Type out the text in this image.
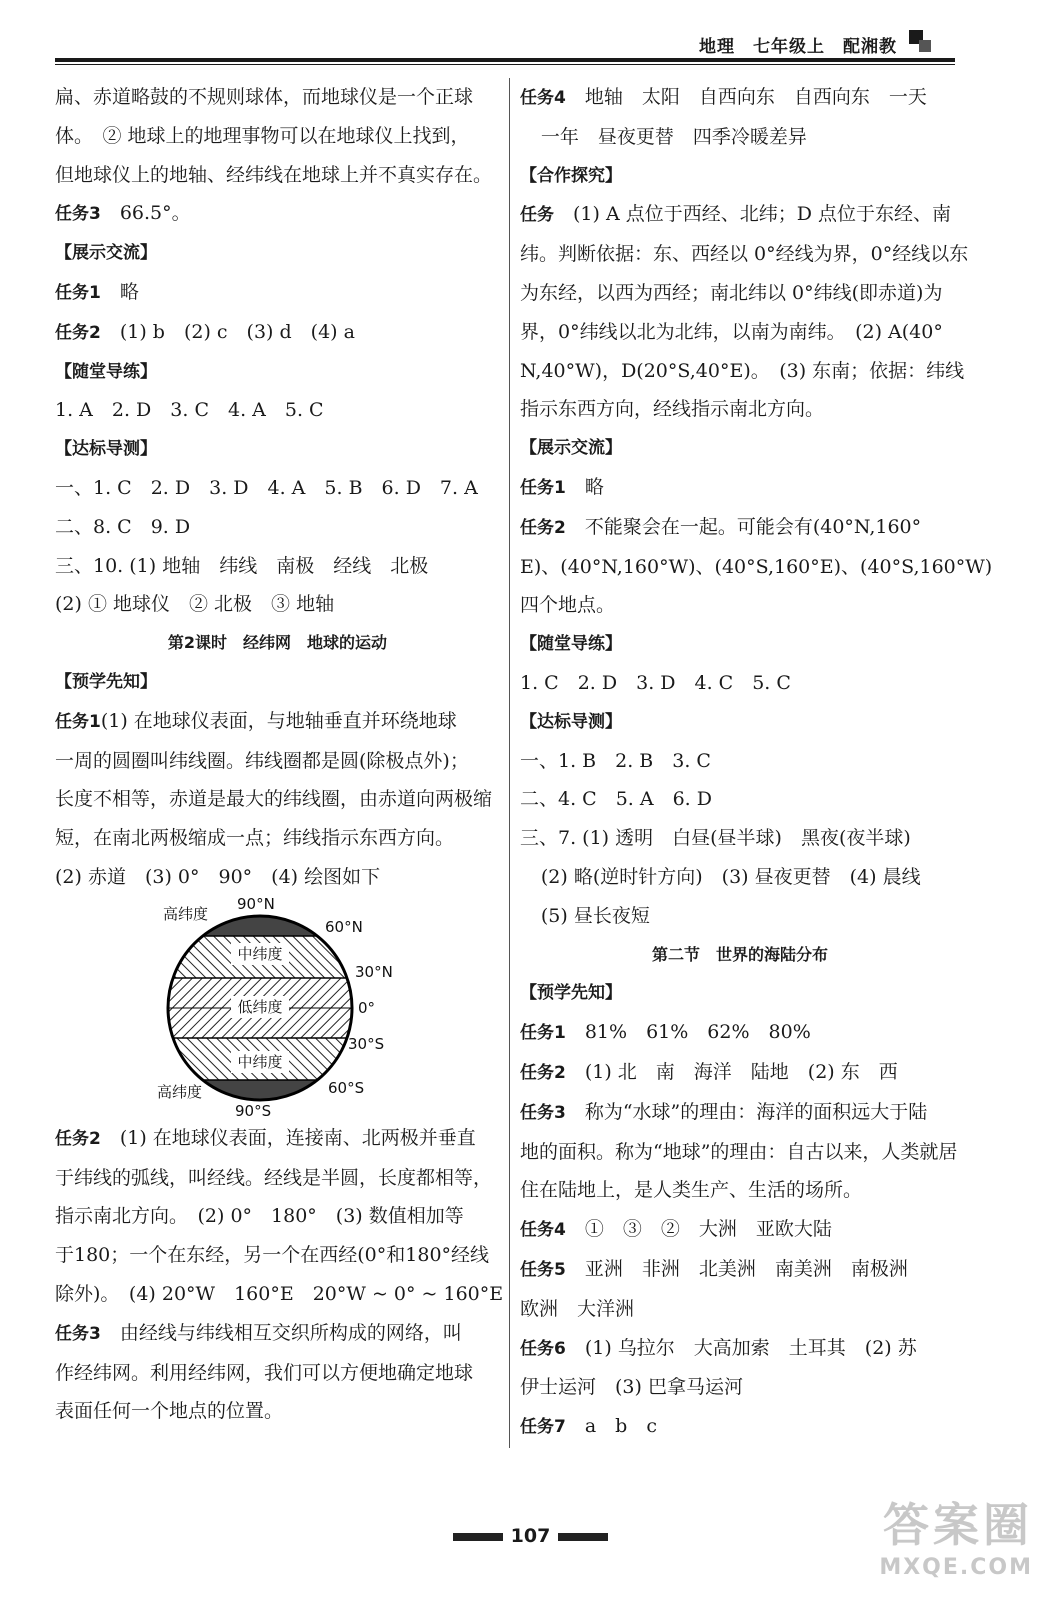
地理　七年级上　配湘教
扁、赤道略鼓的不规则球体，而地球仪是一个正球
体。　② 地球上的地理事物可以在地球仪上找到，
但地球仪上的地轴、经纬线在地球上并不真实存在。
任务3　66.5°。
【展示交流】
任务1　略
任务2　(1) b　(2) c　(3) d　(4) a
【随堂导练】
1. A　2. D　3. C　4. A　5. C
【达标导测】
一、1. C　2. D　3. D　4. A　5. B　6. D　7. A
二、8. C　9. D
三、10. (1) 地轴　纬线　南极　经线　北极
(2) ① 地球仪　② 北极　③ 地轴
第2课时　经纬网　地球的运动
【预学先知】
任务1(1) 在地球仪表面，与地轴垂直并环绕地球
一周的圆圈叫纬线圈。纬线圈都是圆(除极点外)；
长度不相等，赤道是最大的纬线圈，由赤道向两极缩
短，在南北两极缩成一点；纬线指示东西方向。
(2) 赤道　(3) 0°　90°　(4) 绘图如下
中纬度
低纬度
中纬度
高纬度
高纬度
90°N
60°N
30°N
0°
30°S
60°S
90°S
任务2　(1) 在地球仪表面，连接南、北两极并垂直
于纬线的弧线，叫经线。经线是半圆，长度都相等，
指示南北方向。　(2) 0°　180°　(3) 数值相加等
于180；一个在东经，另一个在西经(0°和180°经线
除外)。　(4) 20°W　160°E　20°W ~ 0° ~ 160°E
任务3　由经线与纬线相互交织所构成的网络，叫
作经纬网。利用经纬网，我们可以方便地确定地球
表面任何一个地点的位置。
任务4　地轴　太阳　自西向东　自西向东　一天
一年　昼夜更替　四季冷暖差异
【合作探究】
任务　(1) A 点位于西经、北纬；D 点位于东经、南
纬。判断依据：东、西经以 0°经线为界，0°经线以东
为东经，以西为西经；南北纬以 0°纬线(即赤道)为
界，0°纬线以北为北纬，以南为南纬。　(2) A(40°
N,40°W)，D(20°S,40°E)。　(3) 东南；依据：纬线
指示东西方向，经线指示南北方向。
【展示交流】
任务1　略
任务2　不能聚会在一起。可能会有(40°N,160°
E)、(40°N,160°W)、(40°S,160°E)、(40°S,160°W)
四个地点。
【随堂导练】
1. C　2. D　3. D　4. C　5. C
【达标导测】
一、1. B　2. B　3. C
二、4. C　5. A　6. D
三、7. (1) 透明　白昼(昼半球)　黑夜(夜半球)
(2) 略(逆时针方向)　(3) 昼夜更替　(4) 晨线
(5) 昼长夜短
第二节　世界的海陆分布
【预学先知】
任务1　81%　61%　62%　80%
任务2　(1) 北　南　海洋　陆地　(2) 东　西
任务3　称为“水球”的理由：海洋的面积远大于陆
地的面积。称为“地球”的理由：自古以来，人类就居
住在陆地上，是人类生产、生活的场所。
任务4　①　③　②　大洲　亚欧大陆
任务5　亚洲　非洲　北美洲　南美洲　南极洲
欧洲　大洋洲
任务6　(1) 乌拉尔　大高加索　土耳其　(2) 苏
伊士运河　(3) 巴拿马运河
任务7　a　b　c
107	答案圈
MXQE.COM
